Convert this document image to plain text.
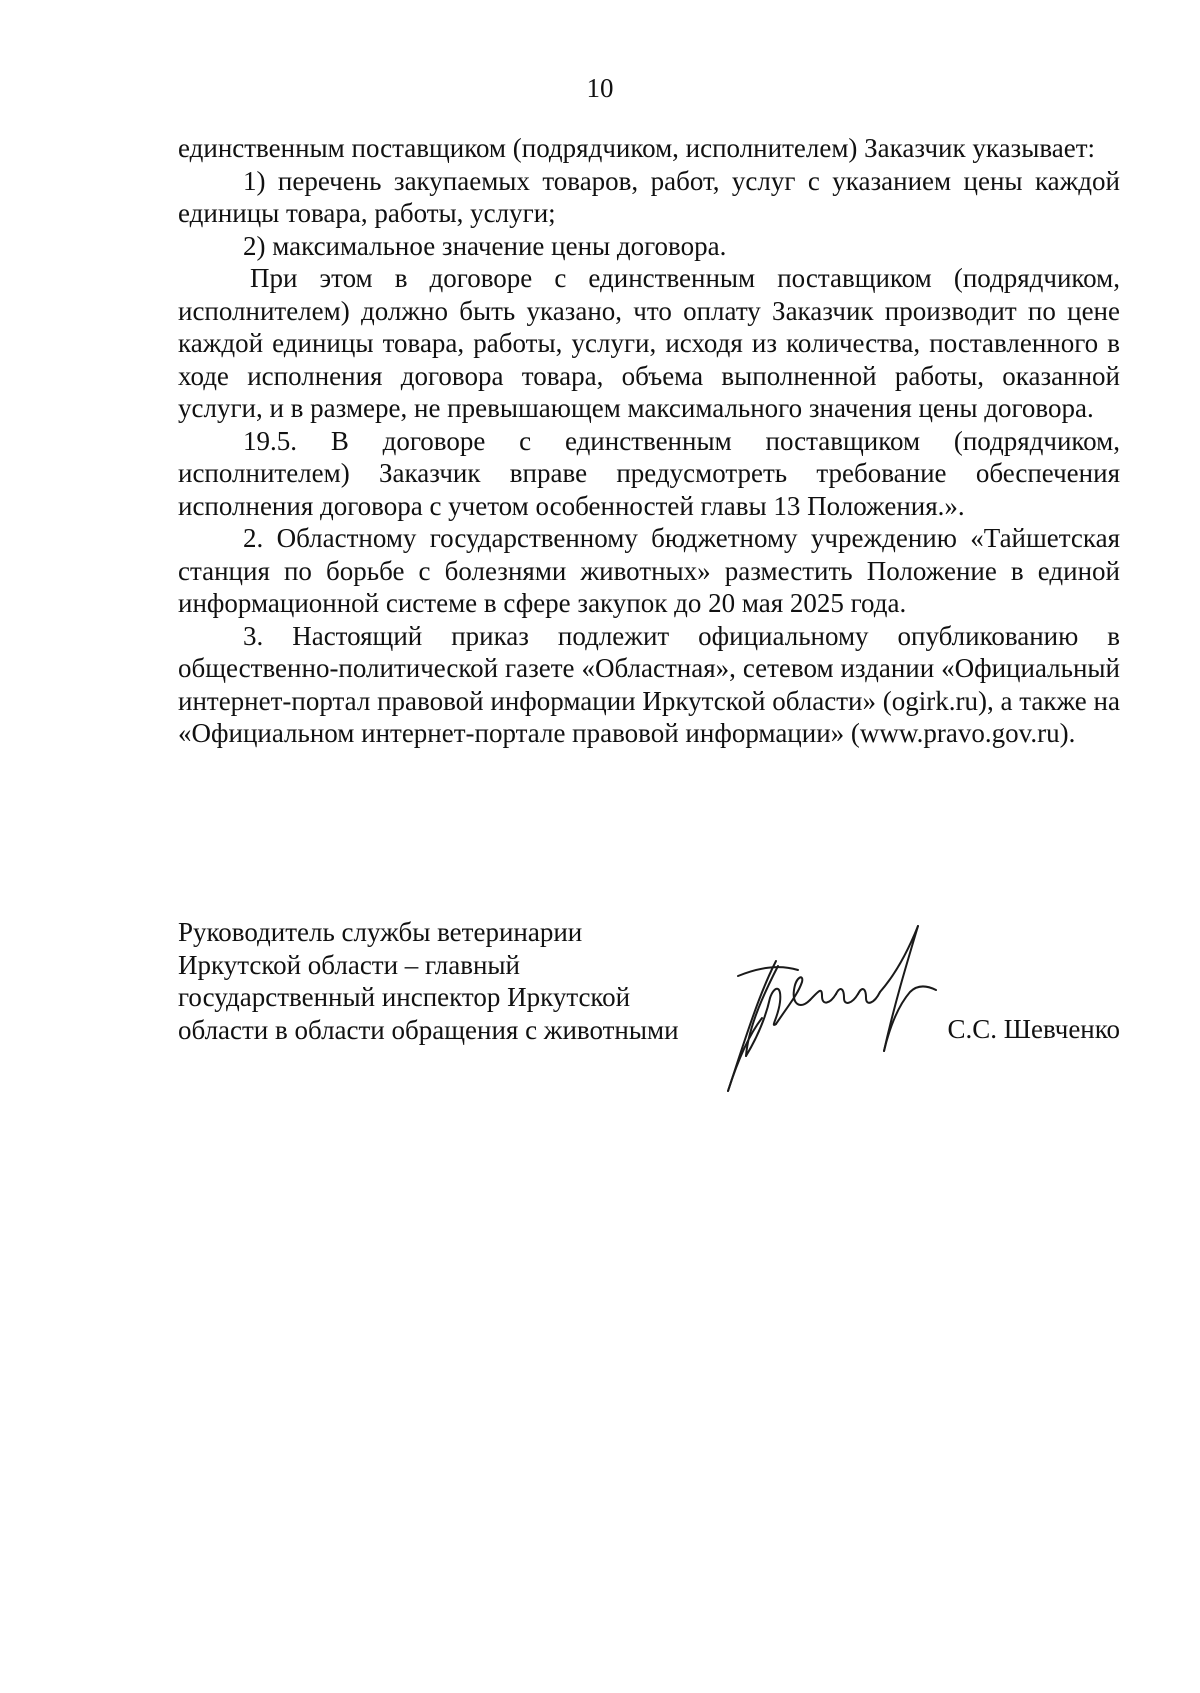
10

единственным поставщиком (подрядчиком, исполнителем) Заказчик указывает:

1) перечень закупаемых товаров, работ, услуг с указанием цены каждой единицы товара, работы, услуги;

2) максимальное значение цены договора.

При этом в договоре с единственным поставщиком (подрядчиком, исполнителем) должно быть указано, что оплату Заказчик производит по цене каждой единицы товара, работы, услуги, исходя из количества, поставленного в ходе исполнения договора товара, объема выполненной работы, оказанной услуги, и в размере, не превышающем максимального значения цены договора.

19.5. В договоре с единственным поставщиком (подрядчиком, исполнителем) Заказчик вправе предусмотреть требование обеспечения исполнения договора с учетом особенностей главы 13 Положения.».

2. Областному государственному бюджетному учреждению «Тайшетская станция по борьбе с болезнями животных» разместить Положение в единой информационной системе в сфере закупок до 20 мая 2025 года.

3. Настоящий приказ подлежит официальному опубликованию в общественно-политической газете «Областная», сетевом издании «Официальный интернет-портал правовой информации Иркутской области» (ogirk.ru), а также на «Официальном интернет-портале правовой информации» (www.pravo.gov.ru).

Руководитель службы ветеринарии
Иркутской области – главный
государственный инспектор Иркутской
области в области обращения с животными	С.С. Шевченко
